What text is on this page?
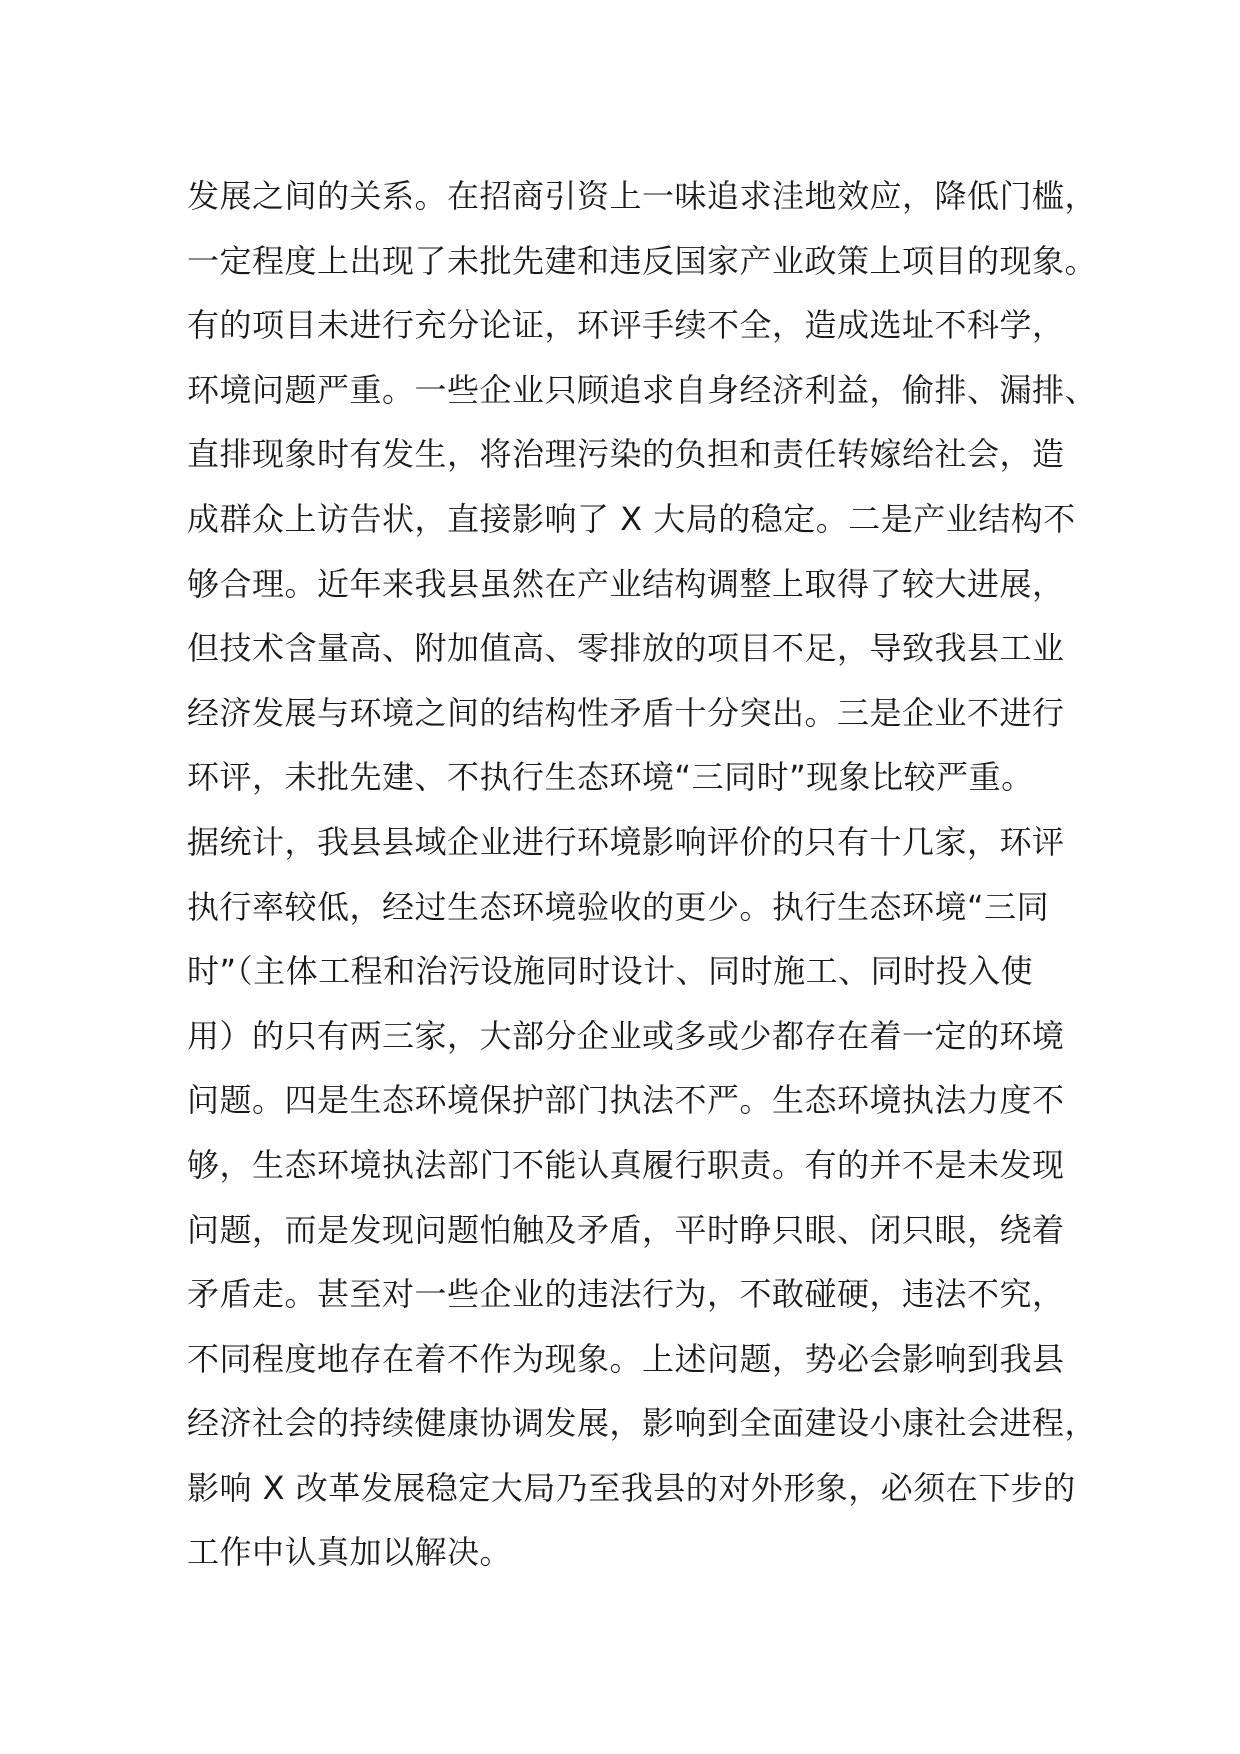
发展之间的关系。在招商引资上一味追求洼地效应，降低门槛，
一定程度上出现了未批先建和违反国家产业政策上项目的现象。
有的项目未进行充分论证，环评手续不全，造成选址不科学，
环境问题严重。一些企业只顾追求自身经济利益，偷排、漏排、
直排现象时有发生，将治理污染的负担和责任转嫁给社会，造
成群众上访告状，直接影响了 X 大局的稳定。二是产业结构不
够合理。近年来我县虽然在产业结构调整上取得了较大进展，
但技术含量高、附加值高、零排放的项目不足，导致我县工业
经济发展与环境之间的结构性矛盾十分突出。三是企业不进行
环评，未批先建、不执行生态环境“三同时”现象比较严重。
据统计，我县县域企业进行环境影响评价的只有十几家，环评
执行率较低，经过生态环境验收的更少。执行生态环境“三同
时”（主体工程和治污设施同时设计、同时施工、同时投入使
用）的只有两三家，大部分企业或多或少都存在着一定的环境
问题。四是生态环境保护部门执法不严。生态环境执法力度不
够，生态环境执法部门不能认真履行职责。有的并不是未发现
问题，而是发现问题怕触及矛盾，平时睁只眼、闭只眼，绕着
矛盾走。甚至对一些企业的违法行为，不敢碰硬，违法不究，
不同程度地存在着不作为现象。上述问题，势必会影响到我县
经济社会的持续健康协调发展，影响到全面建设小康社会进程，
影响 X 改革发展稳定大局乃至我县的对外形象，必须在下步的
工作中认真加以解决。
